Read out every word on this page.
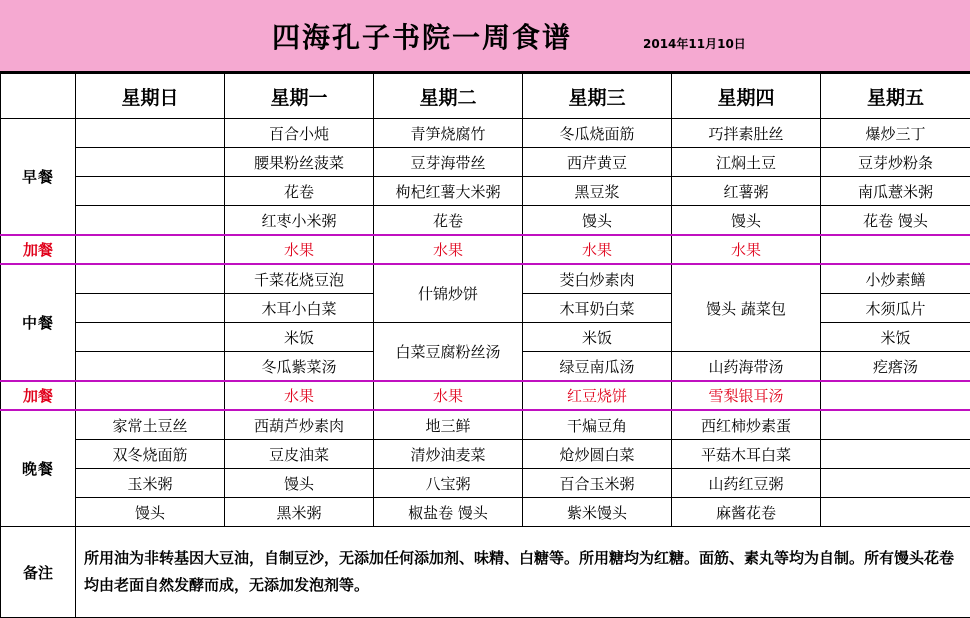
四海孔子书院一周食谱	2014年11月10日
	星期日	星期一	星期二	星期三	星期四	星期五
早餐		百合小炖	青笋烧腐竹	冬瓜烧面筋	巧拌素肚丝	爆炒三丁
		腰果粉丝菠菜	豆芽海带丝	西芹黄豆	江焖土豆	豆芽炒粉条
		花卷	枸杞红薯大米粥	黑豆浆	红薯粥	南瓜薏米粥
		红枣小米粥	花卷	馒头	馒头	花卷 馒头
加餐		水果	水果	水果	水果	
中餐		千菜花烧豆泡	什锦炒饼	茭白炒素肉	馒头 蔬菜包	小炒素鳝
		木耳小白菜		木耳奶白菜		木须瓜片
		米饭	白菜豆腐粉丝汤	米饭		米饭
		冬瓜紫菜汤		绿豆南瓜汤	山药海带汤	疙瘩汤
加餐		水果	水果	红豆烧饼	雪梨银耳汤	
晚餐	家常土豆丝	西葫芦炒素肉	地三鲜	干煸豆角	西红柿炒素蛋	
	双冬烧面筋	豆皮油菜	清炒油麦菜	炝炒圆白菜	平菇木耳白菜	
	玉米粥	馒头	八宝粥	百合玉米粥	山药红豆粥	
	馒头	黑米粥	椒盐卷 馒头	紫米馒头	麻酱花卷	
备注	所用油为非转基因大豆油，自制豆沙，无添加任何添加剂、味精、白糖等。所用糖均为红糖。面筋、素丸等均为自制。所有馒头花卷均由老面自然发酵而成，无添加发泡剂等。					
